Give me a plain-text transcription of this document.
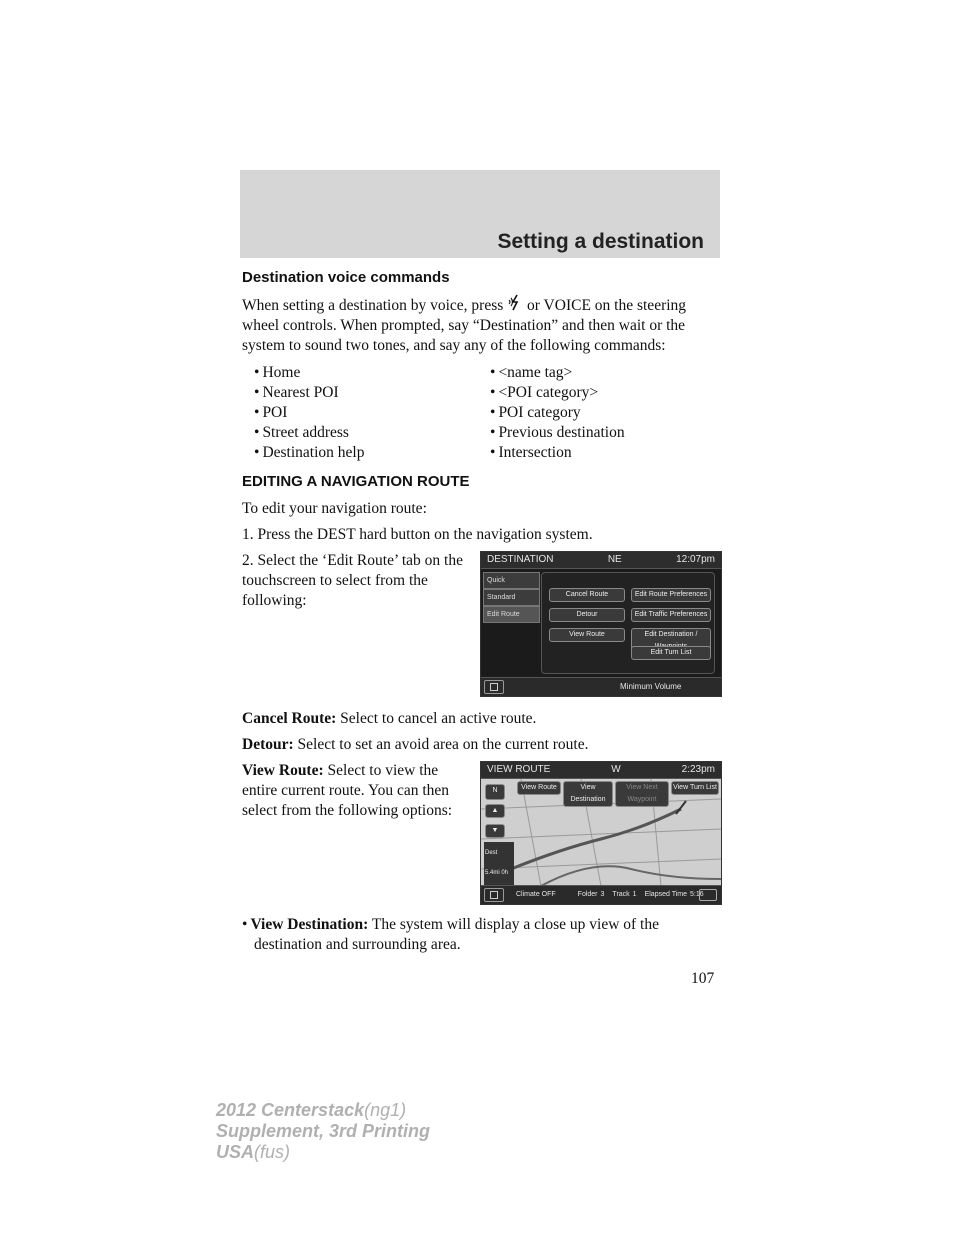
Setting a destination

Destination voice commands

When setting a destination by voice, press or VOICE on the steering wheel controls. When prompted, say “Destination” and then wait or the system to sound two tones, and say any of the following commands:

• Home	• <name tag>
• Nearest POI	• <POI category>
• POI	• POI category
• Street address	• Previous destination
• Destination help	• Intersection

EDITING A NAVIGATION ROUTE

To edit your navigation route:

1. Press the DEST hard button on the navigation system.

DESTINATION	NE	12:07pm
Quick
Standard
Edit Route
Cancel Route	Edit Route Preferences
Detour	Edit Traffic Preferences
View Route	Edit Destination /
Edit Turn List
Minimum Volume

2. Select the ‘Edit Route’ tab on the touchscreen to select from the following:

Cancel Route: Select to cancel an active route.

Detour: Select to set an avoid area on the current route.

VIEW ROUTE	W	2:23pm
View Route	View Destination
View Next Waypoint
View Turn List
N
▲
▼
Dest 5.4mi 0h
Climate OFF	Folder 3 Track 1 Elapsed Time 5:16

View Route: Select to view the entire current route. You can then select from the following options:

• View Destination: The system will display a close up view of the destination and surrounding area.

107
2012 Centerstack(ng1)
Supplement, 3rd Printing
USA(fus)
